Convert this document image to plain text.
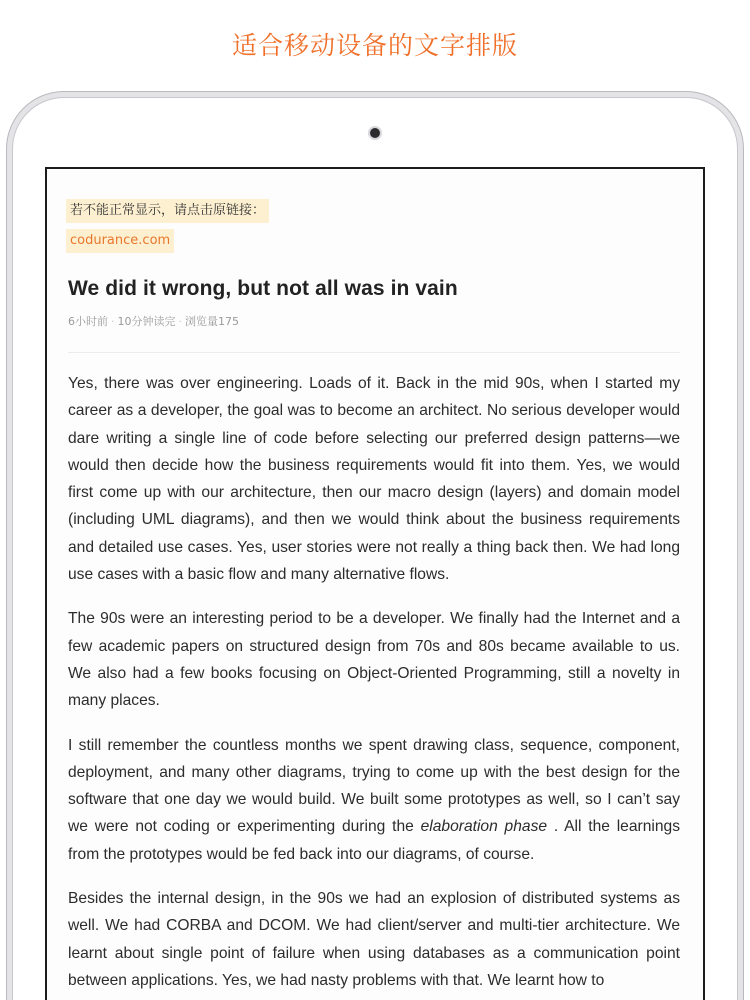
适合移动设备的文字排版
若不能正常显示，请点击原链接：
codurance.com
We did it wrong, but not all was in vain
6小时前 · 10分钟读完 · 浏览量175

Yes, there was over engineering. Loads of it. Back in the mid 90s, when I started my career as a developer, the goal was to become an architect. No serious developer would dare writing a single line of code before selecting our preferred design patterns—we would then decide how the business requirements would fit into them. Yes, we would first come up with our architecture, then our macro design (layers) and domain model (including UML diagrams), and then we would think about the business requirements and detailed use cases. Yes, user stories were not really a thing back then. We had long use cases with a basic flow and many alternative flows.

The 90s were an interesting period to be a developer. We finally had the Internet and a few academic papers on structured design from 70s and 80s became available to us. We also had a few books focusing on Object-Oriented Programming, still a novelty in many places.

I still remember the countless months we spent drawing class, sequence, component, deployment, and many other diagrams, trying to come up with the best design for the software that one day we would build. We built some prototypes as well, so I can’t say we were not coding or experimenting during the elaboration phase . All the learnings from the prototypes would be fed back into our diagrams, of course.

Besides the internal design, in the 90s we had an explosion of distributed systems as well. We had CORBA and DCOM. We had client/server and multi-tier architecture. We learnt about single point of failure when using databases as a communication point between applications. Yes, we had nasty problems with that. We learnt how to
